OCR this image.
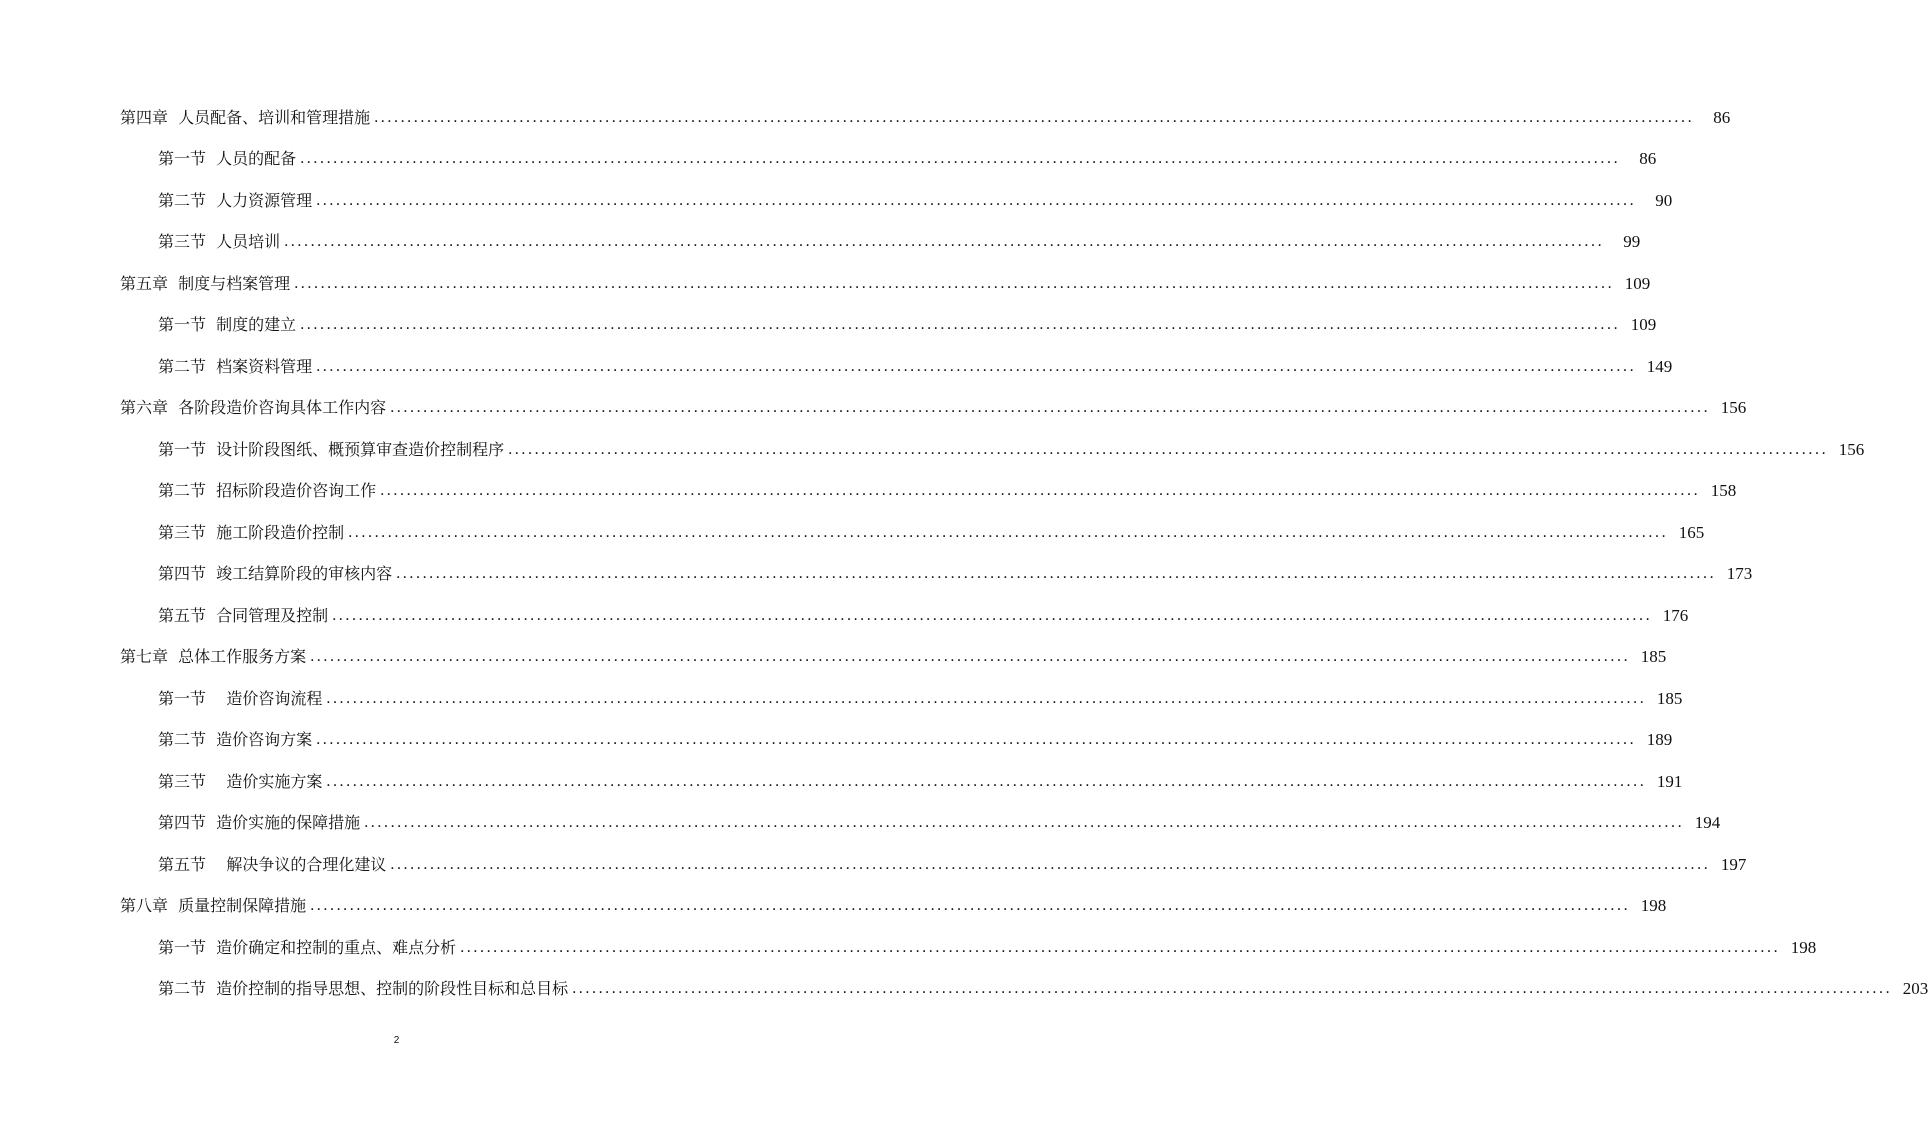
第四章  人员配备、培训和管理措施 ........................................................................................................................................................................................................	86
第一节  人员的配备 ........................................................................................................................................................................................................	86
第二节  人力资源管理 ........................................................................................................................................................................................................	90
第三节  人员培训 ........................................................................................................................................................................................................	99
第五章  制度与档案管理 ........................................................................................................................................................................................................ 109
第一节  制度的建立 ........................................................................................................................................................................................................ 109
第二节  档案资料管理 ........................................................................................................................................................................................................ 149
第六章  各阶段造价咨询具体工作内容 ........................................................................................................................................................................................................ 156
第一节  设计阶段图纸、概预算审查造价控制程序 ........................................................................................................................................................................................................ 156
第二节  招标阶段造价咨询工作 ........................................................................................................................................................................................................ 158
第三节  施工阶段造价控制 ........................................................................................................................................................................................................ 165
第四节  竣工结算阶段的审核内容 ........................................................................................................................................................................................................ 173
第五节  合同管理及控制 ........................................................................................................................................................................................................ 176
第七章  总体工作服务方案 ........................................................................................................................................................................................................ 185
第一节    造价咨询流程 ........................................................................................................................................................................................................ 185
第二节  造价咨询方案 ........................................................................................................................................................................................................ 189
第三节    造价实施方案 ........................................................................................................................................................................................................ 191
第四节  造价实施的保障措施 ........................................................................................................................................................................................................ 194
第五节    解决争议的合理化建议 ........................................................................................................................................................................................................ 197
第八章  质量控制保障措施 ........................................................................................................................................................................................................ 198
第一节  造价确定和控制的重点、难点分析 ........................................................................................................................................................................................................ 198
第二节  造价控制的指导思想、控制的阶段性目标和总目标 ........................................................................................................................................................................................................ 203
2
